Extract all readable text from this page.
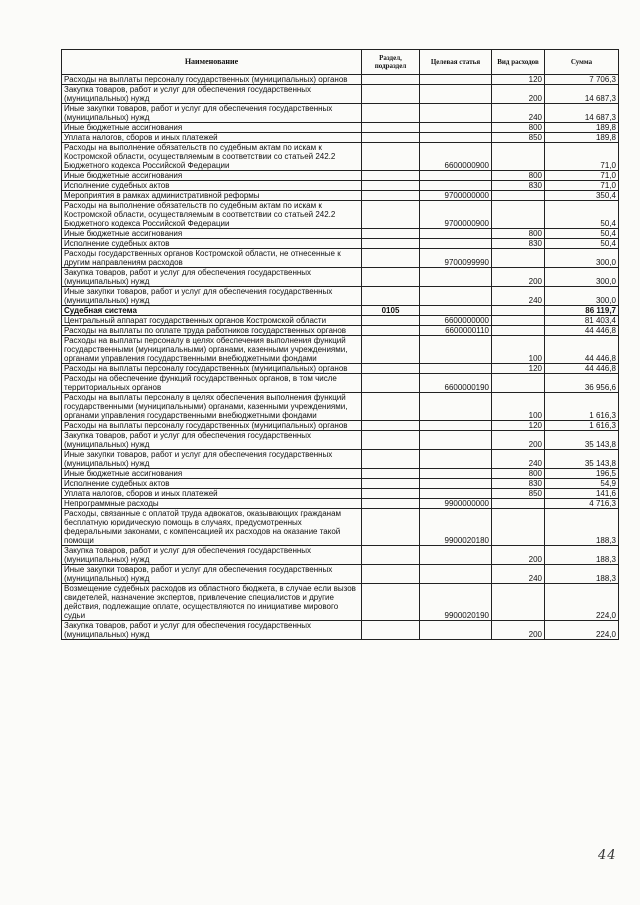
Наименование	Раздел, подраздел	Целевая статья	Вид расходов	Сумма
Расходы на выплаты персоналу государственных (муниципальных) органов			120	7 706,3
Закупка товаров, работ и услуг для обеспечения государственных (муниципальных) нужд			200	14 687,3
Иные закупки товаров, работ и услуг для обеспечения государственных (муниципальных) нужд			240	14 687,3
Иные бюджетные ассигнования			800	189,8
Уплата налогов, сборов и иных платежей			850	189,8
Расходы на выполнение обязательств по судебным актам по искам к Костромской области, осуществляемым в соответствии со статьей 242.2 Бюджетного кодекса Российской Федерации		6600000900		71,0
Иные бюджетные ассигнования			800	71,0
Исполнение судебных актов			830	71,0
Мероприятия в рамках административной реформы		9700000000		350,4
Расходы на выполнение обязательств по судебным актам по искам к Костромской области, осуществляемым в соответствии со статьей 242.2 Бюджетного кодекса Российской Федерации		9700000900		50,4
Иные бюджетные ассигнования			800	50,4
Исполнение судебных актов			830	50,4
Расходы государственных органов Костромской области, не отнесенные к другим направлениям расходов		9700099990		300,0
Закупка товаров, работ и услуг для обеспечения государственных (муниципальных) нужд			200	300,0
Иные закупки товаров, работ и услуг для обеспечения государственных (муниципальных) нужд			240	300,0
Судебная система	0105			86 119,7
Центральный аппарат государственных органов Костромской области		6600000000		81 403,4
Расходы на выплаты по оплате труда работников государственных органов		6600000110		44 446,8
Расходы на выплаты персоналу в целях обеспечения выполнения функций государственными (муниципальными) органами, казенными учреждениями, органами управления государственными внебюджетными фондами			100	44 446,8
Расходы на выплаты персоналу государственных (муниципальных) органов			120	44 446,8
Расходы на обеспечение функций государственных органов, в том числе территориальных органов		6600000190		36 956,6
Расходы на выплаты персоналу в целях обеспечения выполнения функций государственными (муниципальными) органами, казенными учреждениями, органами управления государственными внебюджетными фондами			100	1 616,3
Расходы на выплаты персоналу государственных (муниципальных) органов			120	1 616,3
Закупка товаров, работ и услуг для обеспечения государственных (муниципальных) нужд			200	35 143,8
Иные закупки товаров, работ и услуг для обеспечения государственных (муниципальных) нужд			240	35 143,8
Иные бюджетные ассигнования			800	196,5
Исполнение судебных актов			830	54,9
Уплата налогов, сборов и иных платежей			850	141,6
Непрограммные расходы		9900000000		4 716,3
Расходы, связанные с оплатой труда адвокатов, оказывающих гражданам бесплатную юридическую помощь в случаях, предусмотренных федеральными законами, с компенсацией их расходов на оказание такой помощи		9900020180		188,3
Закупка товаров, работ и услуг для обеспечения государственных (муниципальных) нужд			200	188,3
Иные закупки товаров, работ и услуг для обеспечения государственных (муниципальных) нужд			240	188,3
Возмещение судебных расходов из областного бюджета, в случае если вызов свидетелей, назначение экспертов, привлечение специалистов и другие действия, подлежащие оплате, осуществляются по инициативе мирового судьи		9900020190		224,0
Закупка товаров, работ и услуг для обеспечения государственных (муниципальных) нужд			200	224,0
44
